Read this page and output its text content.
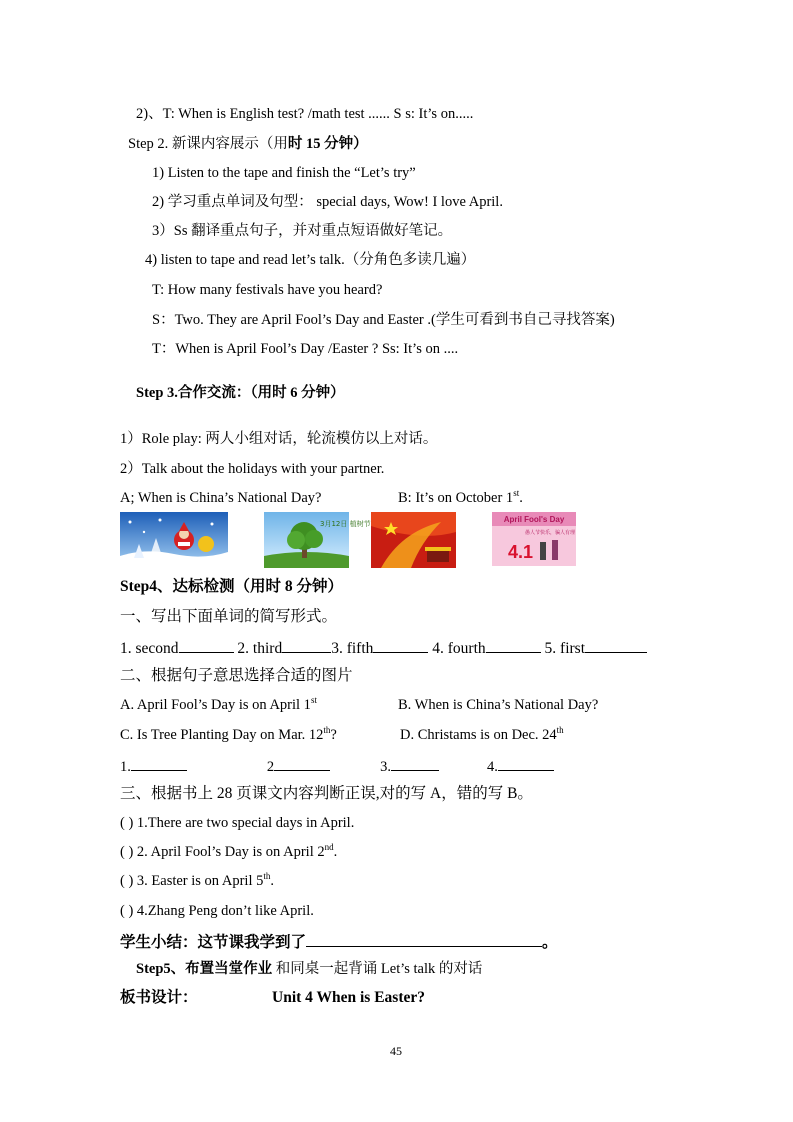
2)、T: When is English test? /math test ...... S s: It’s on.....
Step 2. 新课内容展示（用时 15 分钟）
1) Listen to the tape and finish the “Let’s try”
2) 学习重点单词及句型： special days, Wow! I love April.
3）Ss 翻译重点句子，并对重点短语做好笔记。
4) listen to tape and read let’s talk.（分角色多读几遍）
T: How many festivals have you heard?
S：Two. They are April Fool’s Day and Easter .(学生可看到书自己寻找答案)
T：When is April Fool’s Day /Easter ? Ss: It’s on ....
Step 3.合作交流：（用时 6 分钟）
1）Role play: 两人小组对话，轮流模仿以上对话。
2）Talk about the holidays with your partner.
A; When is China’s National Day?	B: It’s on October 1st.
3月12日 植树节	April Fool's Day
愚人节快乐，骗人有理
4.1
Step4、达标检测（用时 8 分钟）
一、写出下面单词的简写形式。
1. second	2. third	3. fifth	4. fourth	5. first
二、根据句子意思选择合适的图片
A. April Fool’s Day is on April 1st	B. When is China’s National Day?
C. Is Tree Planting Day on Mar. 12th?	D. Christams is on Dec. 24th
1.	2	3.	4.
三、根据书上 28 页课文内容判断正误,对的写 A，错的写 B。
( ) 1.There are two special days in April.
( ) 2. April Fool’s Day is on April 2nd.
( ) 3. Easter is on April 5th.
( ) 4.Zhang Peng don’t like April.
学生小结：这节课我学到了	。
Step5、布置当堂作业 和同桌一起背诵 Let’s talk 的对话
板书设计：	Unit 4 When is Easter?
45
